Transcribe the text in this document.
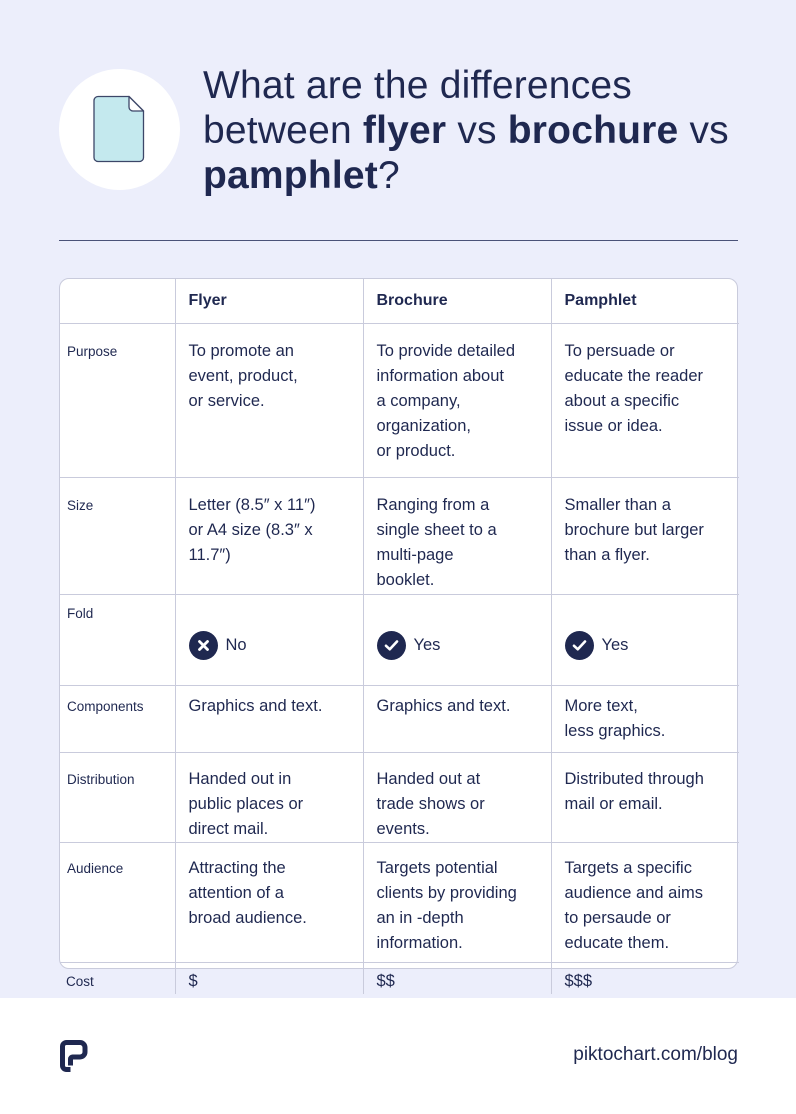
What are the differences between flyer vs brochure vs pamphlet?
	Flyer	Brochure	Pamphlet
Purpose	To promote an
event, product,
or service.	To provide detailed
information about
a company,
organization,
or product.	To persuade or
educate the reader
about a specific
issue or idea.
Size	Letter (8.5″ x 11″)
or A4 size (8.3″ x
11.7″)	Ranging from a
single sheet to a
multi-page
booklet.	Smaller than a
brochure but larger
than a flyer.
Fold	No	Yes	Yes

Components	Graphics and text.	Graphics and text.	More text,
less graphics.
Distribution	Handed out in
public places or
direct mail.	Handed out at
trade shows or
events.	Distributed through
mail or email.
Audience	Attracting the
attention of a
broad audience.	Targets potential
clients by providing
an in -depth
information.	Targets a specific
audience and aims
to persaude or
educate them.
Cost	$	$$	$$$
piktochart.com/blog
